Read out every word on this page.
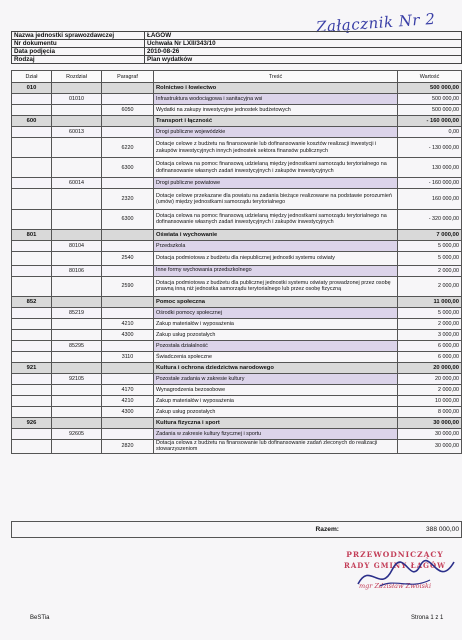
Załącznik Nr 2
Nazwa jednostki sprawozdawczej	ŁAGÓW
Nr dokumentu	Uchwała Nr LXII/343/10
Data podjęcia	2010-08-26
Rodzaj	Plan wydatków
Dział	Rozdział	Paragraf	Treść	Wartość
010			Rolnictwo i łowiectwo	500 000,00
	01010		Infrastruktura wodociągowa i sanitacyjna wsi	500 000,00
		6050	Wydatki na zakupy inwestycyjne jednostek budżetowych	500 000,00
600			Transport i łączność	- 160 000,00
	60013		Drogi publiczne wojewódzkie	0,00
		6220	Dotacje celowe z budżetu na finansowanie lub dofinansowanie kosztów realizacji inwestycji i zakupów inwestycyjnych innych jednostek sektora finansów publicznych	- 130 000,00
		6300	Dotacja celowa na pomoc finansową udzielaną między jednostkami samorządu terytorialnego na dofinansowanie własnych zadań inwestycyjnych i zakupów inwestycyjnych	130 000,00
	60014		Drogi publiczne powiatowe	- 160 000,00
		2320	Dotacje celowe przekazane dla powiatu na zadania bieżące realizowane na podstawie porozumień (umów) między jednostkami samorządu terytorialnego	160 000,00
		6300	Dotacja celowa na pomoc finansową udzielaną między jednostkami samorządu terytorialnego na dofinansowanie własnych zadań inwestycyjnych i zakupów inwestycyjnych	- 320 000,00
801			Oświata i wychowanie	7 000,00
	80104		Przedszkola	5 000,00
		2540	Dotacja podmiotowa z budżetu dla niepublicznej jednostki systemu oświaty	5 000,00
	80106		Inne formy wychowania przedszkolnego	2 000,00
		2590	Dotacja podmiotowa z budżetu dla publicznej jednostki systemu oświaty prowadzonej przez osobę prawną inną niż jednostka samorządu terytorialnego lub przez osobę fizyczną	2 000,00
852			Pomoc społeczna	11 000,00
	85219		Ośrodki pomocy społecznej	5 000,00
		4210	Zakup materiałów i wyposażenia	2 000,00
		4300	Zakup usług pozostałych	3 000,00
	85295		Pozostała działalność	6 000,00
		3110	Świadczenia społeczne	6 000,00
921			Kultura i ochrona dziedzictwa narodowego	20 000,00
	92105		Pozostałe zadania w zakresie kultury	20 000,00
		4170	Wynagrodzenia bezosobowe	2 000,00
		4210	Zakup materiałów i wyposażenia	10 000,00
		4300	Zakup usług pozostałych	8 000,00
926			Kultura fizyczna i sport	30 000,00
	92605		Zadania w zakresie kultury fizycznej i sportu	30 000,00
		2820	Dotacja celowa z budżetu na finansowanie lub dofinansowanie zadań zleconych do realizacji stowarzyszeniom	30 000,00
Razem:	388 000,00
PRZEWODNICZĄCY
RADY GMINY ŁAGÓW
mgr Zdzisław Zwolski
BeSTia	Strona 1 z 1
